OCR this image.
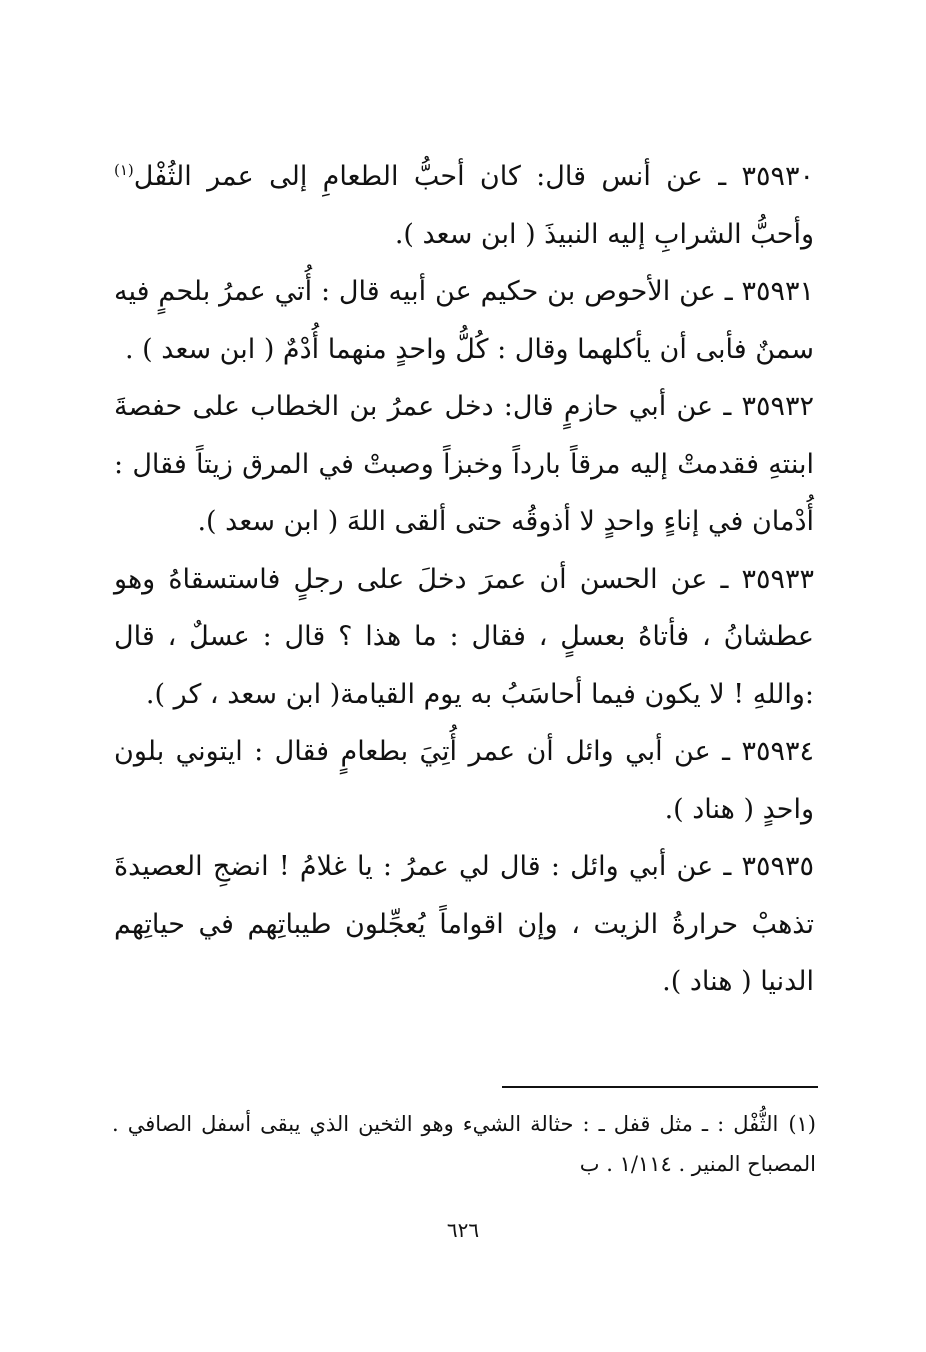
٣٥٩٣٠ ـ عن أنس قال: كان أحبُّ الطعامِ إلى عمر الثُفْل$^{(١)}$ وأحبُّ الشرابِ إليه النبيذَ ( ابن سعد ).

٣٥٩٣١ ـ عن الأحوص بن حكيم عن أبيه قال : أُتي عمرُ بلحمٍ فيه سمنٌ فأبى أن يأكلهما وقال : كُلُّ واحدٍ منهما أُدْمٌ ( ابن سعد ) .

٣٥٩٣٢ ـ عن أبي حازمٍ قال: دخل عمرُ بن الخطاب على حفصةَ ابنتهِ فقدمتْ إليه مرقاً بارداً وخبزاً وصبتْ في المرق زيتاً فقال : أُدْمان في إناءٍ واحدٍ لا أذوقُه حتى ألقى اللهَ ( ابن سعد ).

٣٥٩٣٣ ـ عن الحسن أن عمرَ دخلَ على رجلٍ فاستسقاهُ وهو عطشانُ ، فأتاهُ بعسلٍ ، فقال : ما هذا ؟ قال : عسلٌ ، قال :واللهِ ! لا يكون فيما أحاسَبُ به يوم القيامة( ابن سعد ، كر ).

٣٥٩٣٤ ـ عن أبي وائل أن عمر أُتِيَ بطعامٍ فقال : ايتوني بلون واحدٍ ( هناد ).

٣٥٩٣٥ ـ عن أبي وائل : قال لي عمرُ : يا غلامُ ! انضجِ العصيدةَ تذهبْ حرارةُ الزيت ، وإن اقواماً يُعجِّلون طيباتِهم في حياتِهم الدنيا ( هناد ).

(١)الثُّفْل : ـ مثل قفل ـ : حثالة الشيء وهو الثخين الذي يبقى أسفل الصافي . المصباح المنير . ١/١١٤ . ب

٦٢٦
